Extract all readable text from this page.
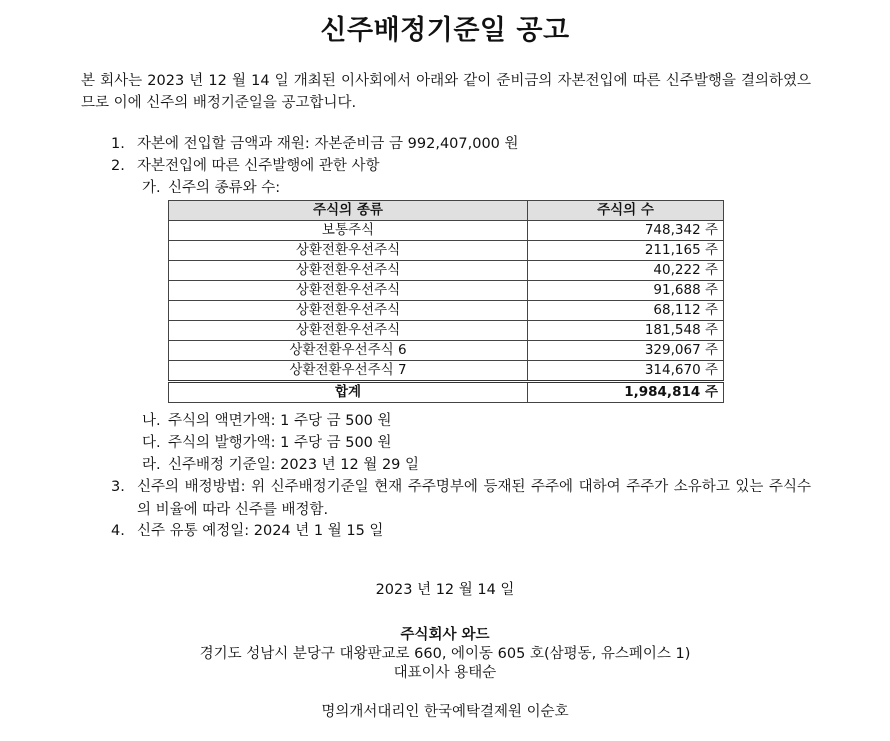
신주배정기준일 공고
본 회사는 2023 년 12 월 14 일 개최된 이사회에서 아래와 같이 준비금의 자본전입에 따른 신주발행을 결의하였으므로 이에 신주의 배정기준일을 공고합니다.
1. 자본에 전입할 금액과 재원: 자본준비금 금 992,407,000 원
2. 자본전입에 따른 신주발행에 관한 사항
가. 신주의 종류와 수:
주식의 종류	주식의 수
보통주식	748,342 주
상환전환우선주식	211,165 주
상환전환우선주식	40,222 주
상환전환우선주식	91,688 주
상환전환우선주식	68,112 주
상환전환우선주식	181,548 주
상환전환우선주식 6	329,067 주
상환전환우선주식 7	314,670 주
합계	1,984,814 주
나. 주식의 액면가액: 1 주당 금 500 원
다. 주식의 발행가액: 1 주당 금 500 원
라. 신주배정 기준일: 2023 년 12 월 29 일
3. 신주의 배정방법: 위 신주배정기준일 현재 주주명부에 등재된 주주에 대하여 주주가 소유하고 있는 주식수의 비율에 따라 신주를 배정함.
4. 신주 유통 예정일: 2024 년 1 월 15 일
2023 년 12 월 14 일
주식회사 와드
경기도 성남시 분당구 대왕판교로 660, 에이동 605 호(삼평동, 유스페이스 1)
대표이사 용태순
명의개서대리인 한국예탁결제원 이순호
